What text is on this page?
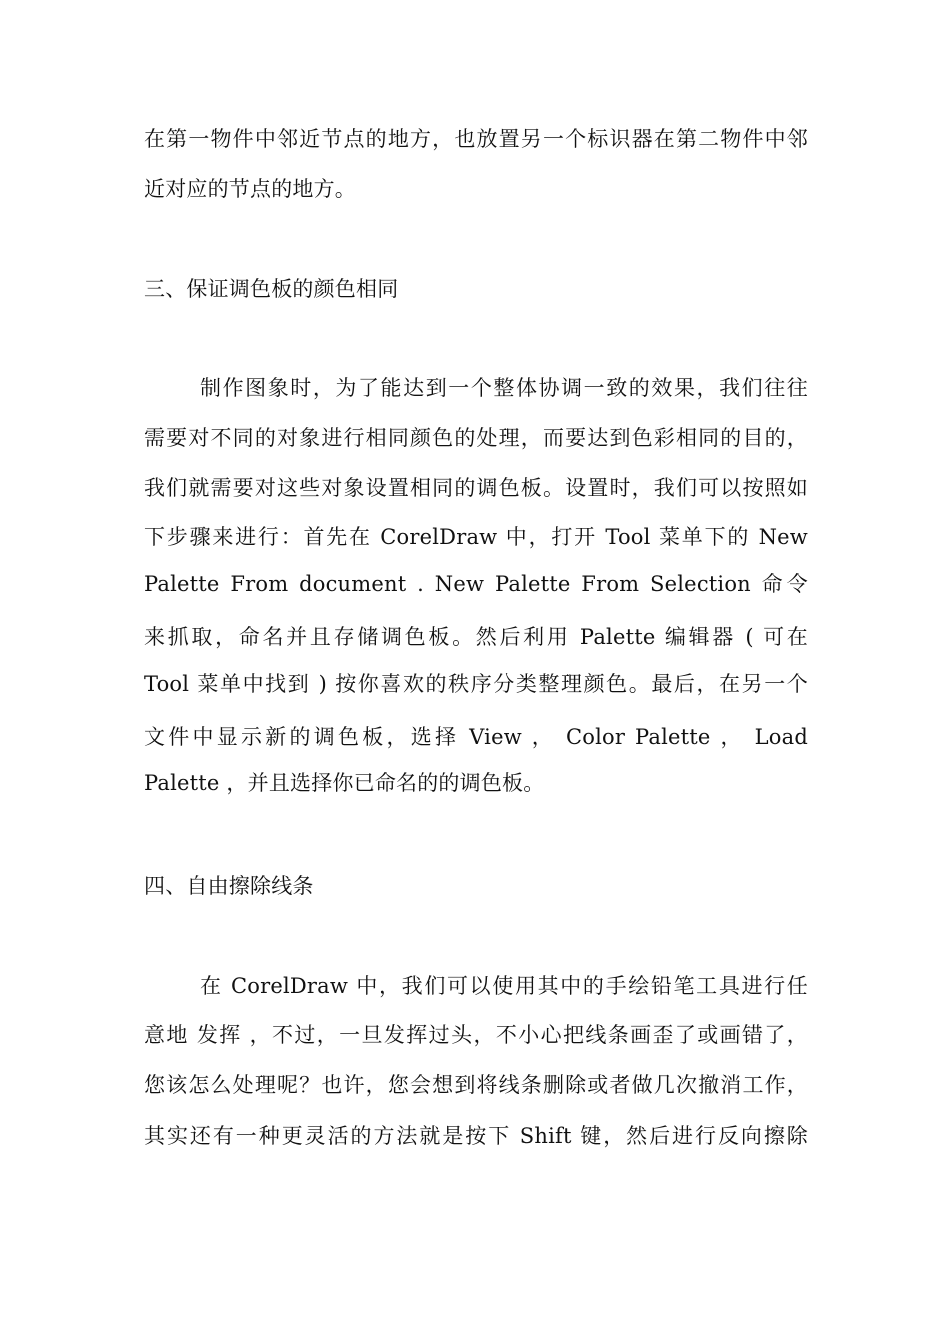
在第一物件中邻近节点的地方，也放置另一个标识器在第二物件中邻
近对应的节点的地方。
三、保证调色板的颜色相同
制作图象时，为了能达到一个整体协调一致的效果，我们往往
需要对不同的对象进行相同颜色的处理，而要达到色彩相同的目的，
我们就需要对这些对象设置相同的调色板。设置时，我们可以按照如
下步骤来进行：首先在 CorelDraw 中，打开 Tool 菜单下的 New
Palette From document . New Palette From Selection 命令
来抓取，命名并且存储调色板。然后利用 Palette 编辑器 ( 可在
Tool 菜单中找到 ) 按你喜欢的秩序分类整理颜色。最后，在另一个
文件中显示新的调色板，选择 View ， Color Palette ， Load
Palette ，并且选择你已命名的的调色板。
四、自由擦除线条
在 CorelDraw 中，我们可以使用其中的手绘铅笔工具进行任
意地 发挥 ，不过，一旦发挥过头，不小心把线条画歪了或画错了，
您该怎么处理呢？也许，您会想到将线条删除或者做几次撤消工作，
其实还有一种更灵活的方法就是按下 Shift 键，然后进行反向擦除
